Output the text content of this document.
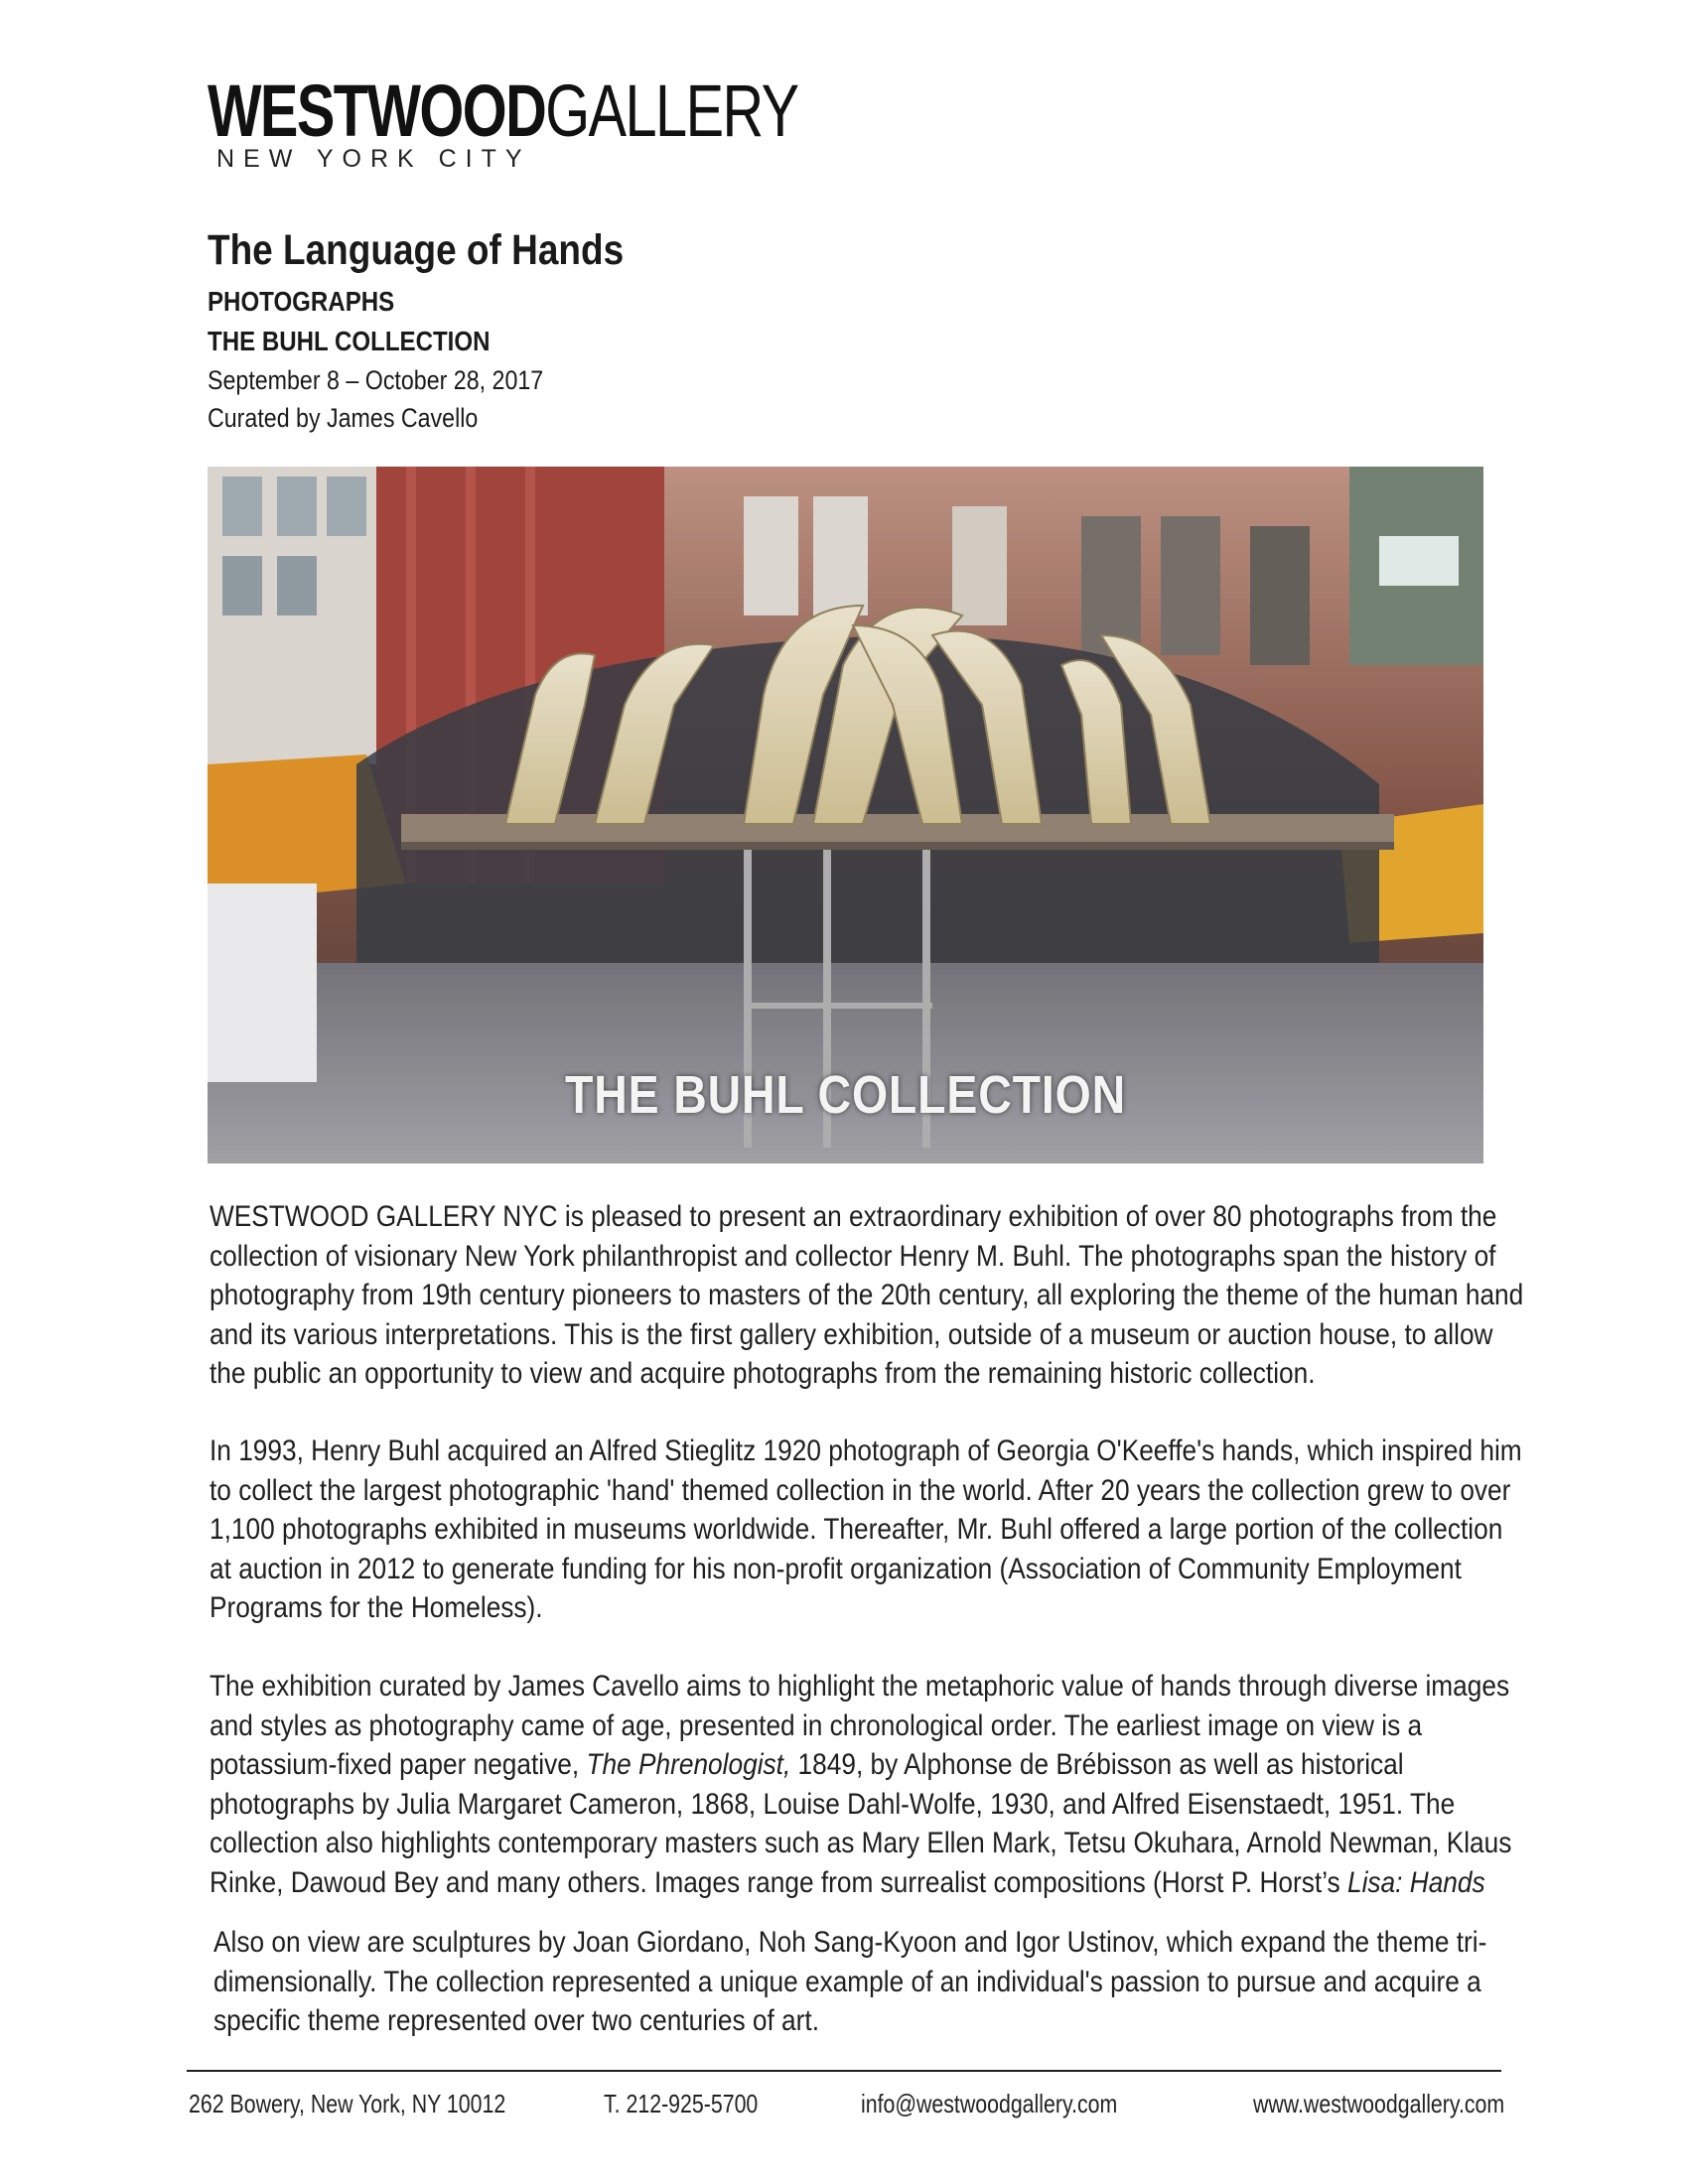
WESTWOODGALLERY
NEW YORK CITY
The Language of Hands
PHOTOGRAPHS
THE BUHL COLLECTION
September 8 – October 28, 2017
Curated by James Cavello
THE BUHL COLLECTION

WESTWOOD GALLERY NYC is pleased to present an extraordinary exhibition of over 80 photographs from the collection of visionary New York philanthropist and collector Henry M. Buhl. The photographs span the history of photography from 19th century pioneers to masters of the 20th century, all exploring the theme of the human hand and its various interpretations. This is the first gallery exhibition, outside of a museum or auction house, to allow the public an opportunity to view and acquire photographs from the remaining historic collection.

In 1993, Henry Buhl acquired an Alfred Stieglitz 1920 photograph of Georgia O'Keeffe's hands, which inspired him to collect the largest photographic 'hand' themed collection in the world. After 20 years the collection grew to over 1,100 photographs exhibited in museums worldwide. Thereafter, Mr. Buhl offered a large portion of the collection at auction in 2012 to generate funding for his non-profit organization (Association of Community Employment Programs for the Homeless).

The exhibition curated by James Cavello aims to highlight the metaphoric value of hands through diverse images and styles as photography came of age, presented in chronological order. The earliest image on view is a potassium-fixed paper negative, The Phrenologist, 1849, by Alphonse de Brébisson as well as historical photographs by Julia Margaret Cameron, 1868, Louise Dahl-Wolfe, 1930, and Alfred Eisenstaedt, 1951. The collection also highlights contemporary masters such as Mary Ellen Mark, Tetsu Okuhara, Arnold Newman, Klaus Rinke, Dawoud Bey and many others. Images range from surrealist compositions (Horst P. Horst’s Lisa: Hands

Also on view are sculptures by Joan Giordano, Noh Sang-Kyoon and Igor Ustinov, which expand the theme tri-dimensionally. The collection represented a unique example of an individual's passion to pursue and acquire a specific theme represented over two centuries of art.

262 Bowery, New York, NY 10012	T. 212-925-5700	info@westwoodgallery.com	www.westwoodgallery.com
